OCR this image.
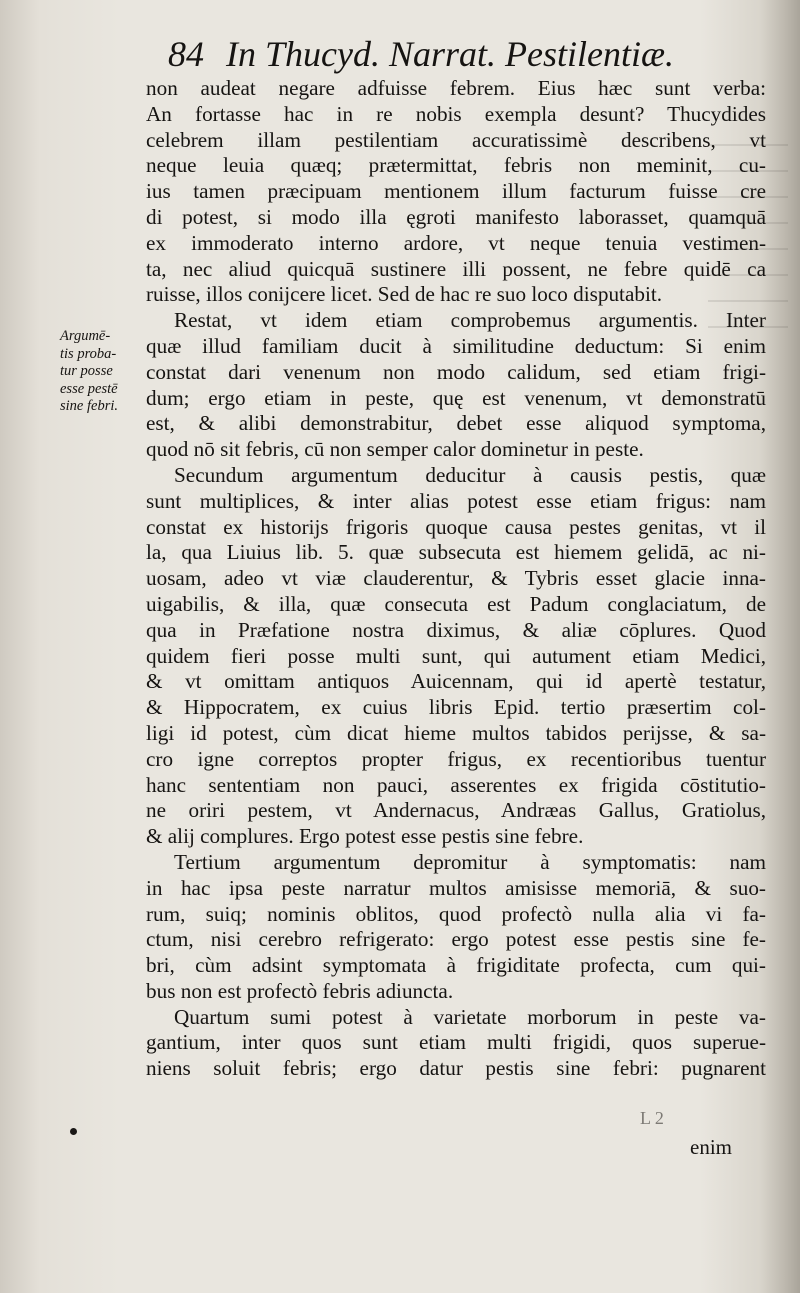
84 In Thucyd. Narrat. Pestilentiæ.
Argumē-
tis proba-
tur posse
esse pestē
sine febri.
non audeat negare adfuisse febrem. Eius hæc sunt verba:
An fortasse hac in re nobis exempla desunt? Thucydides
celebrem illam pestilentiam accuratissimè describens, vt
neque leuia quæq; prætermittat, febris non meminit, cu-
ius tamen præcipuam mentionem illum facturum fuisse cre
di potest, si modo illa ęgroti manifesto laborasset, quamquā
ex immoderato interno ardore, vt neque tenuia vestimen-
ta, nec aliud quicquā sustinere illi possent, ne febre quidē ca
ruisse, illos conijcere licet. Sed de hac re suo loco disputabit.
Restat, vt idem etiam comprobemus argumentis. Inter
quæ illud familiam ducit à similitudine deductum: Si enim
constat dari venenum non modo calidum, sed etiam frigi-
dum; ergo etiam in peste, quę est venenum, vt demonstratū
est, & alibi demonstrabitur, debet esse aliquod symptoma,
quod nō sit febris, cū non semper calor dominetur in peste.
Secundum argumentum deducitur à causis pestis, quæ
sunt multiplices, & inter alias potest esse etiam frigus: nam
constat ex historijs frigoris quoque causa pestes genitas, vt il
la, qua Liuius lib. 5. quæ subsecuta est hiemem gelidā, ac ni-
uosam, adeo vt viæ clauderentur, & Tybris esset glacie inna-
uigabilis, & illa, quæ consecuta est Padum conglaciatum, de
qua in Præfatione nostra diximus, & aliæ cōplures. Quod
quidem fieri posse multi sunt, qui autument etiam Medici,
& vt omittam antiquos Auicennam, qui id apertè testatur,
& Hippocratem, ex cuius libris Epid. tertio præsertim col-
ligi id potest, cùm dicat hieme multos tabidos perijsse, & sa-
cro igne correptos propter frigus, ex recentioribus tuentur
hanc sententiam non pauci, asserentes ex frigida cōstitutio-
ne oriri pestem, vt Andernacus, Andræas Gallus, Gratiolus,
& alij complures. Ergo potest esse pestis sine febre.
Tertium argumentum depromitur à symptomatis: nam
in hac ipsa peste narratur multos amisisse memoriā, & suo-
rum, suiq; nominis oblitos, quod profectò nulla alia vi fa-
ctum, nisi cerebro refrigerato: ergo potest esse pestis sine fe-
bri, cùm adsint symptomata à frigiditate profecta, cum qui-
bus non est profectò febris adiuncta.
Quartum sumi potest à varietate morborum in peste va-
gantium, inter quos sunt etiam multi frigidi, quos superue-
niens soluit febris; ergo datur pestis sine febri: pugnarent
L 2
enim
